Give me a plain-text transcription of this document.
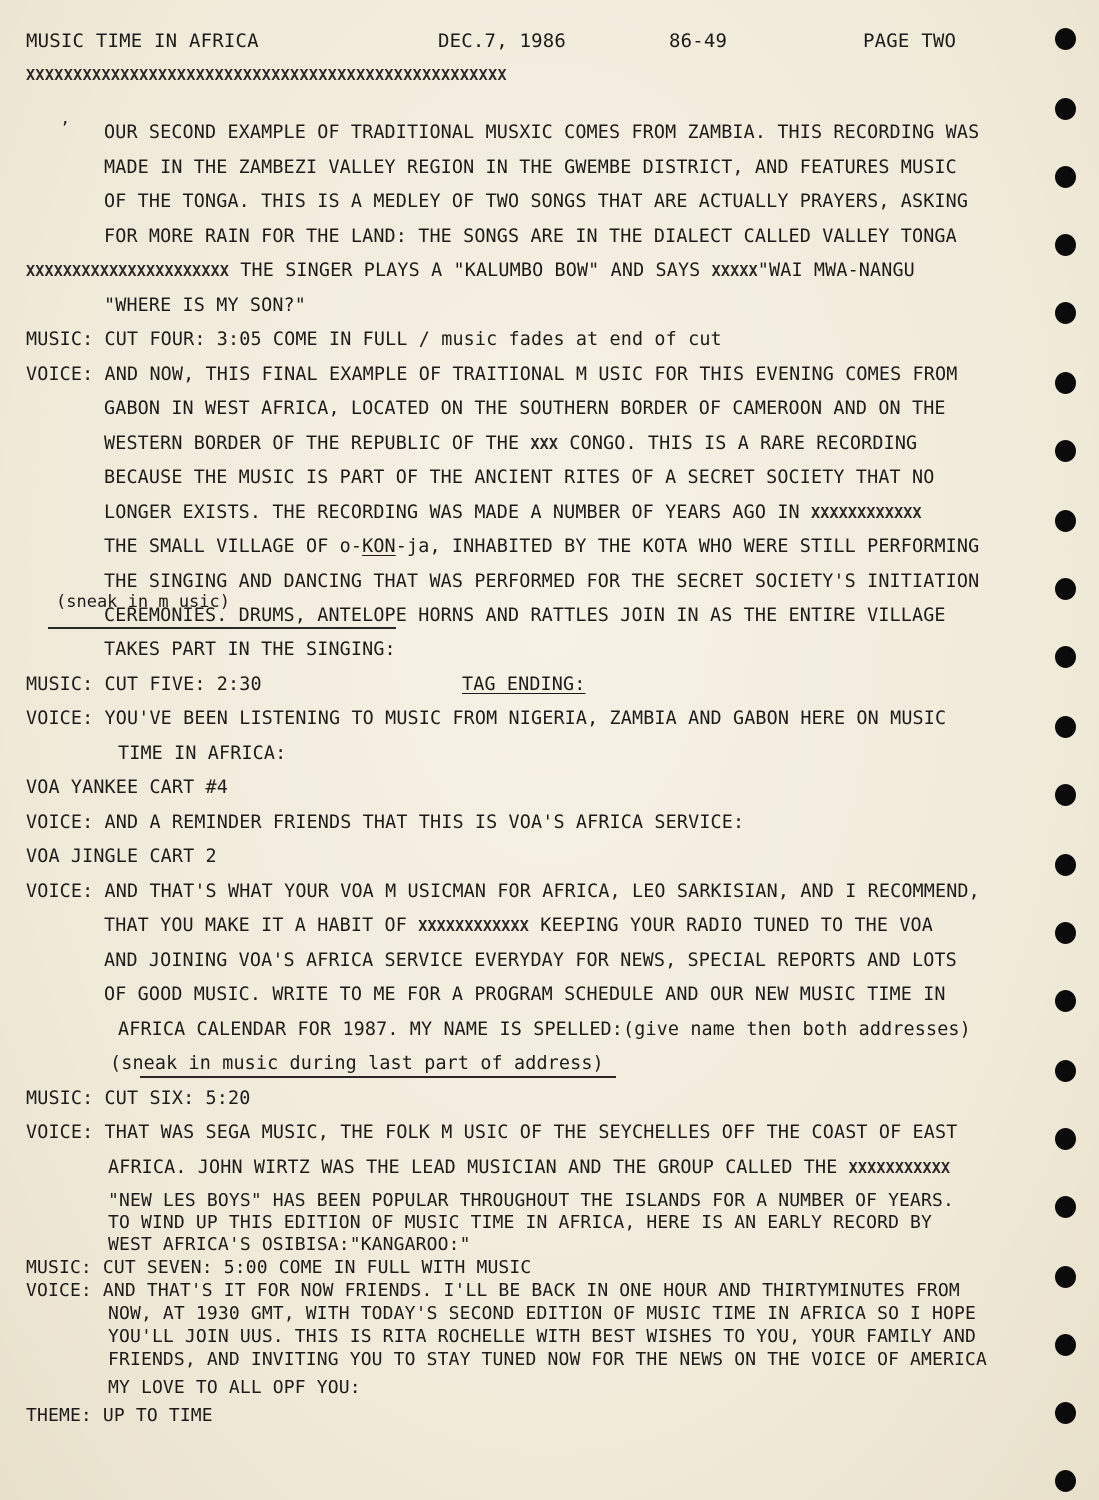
MUSIC TIME IN AFRICA	DEC.7, 1986	86-49	PAGE TWO
XXXXXXXXXXXXXXXXXXXXXXXXXXXXXXXXXXXXXXXXXXXXXXXXXXX
’ OUR SECOND EXAMPLE OF TRADITIONAL MUSXIC COMES FROM ZAMBIA. THIS RECORDING WAS
MADE IN THE ZAMBEZI VALLEY REGION IN THE GWEMBE DISTRICT, AND FEATURES MUSIC
OF THE TONGA. THIS IS A MEDLEY OF TWO SONGS THAT ARE ACTUALLY PRAYERS, ASKING
FOR MORE RAIN FOR THE LAND: THE SONGS ARE IN THE DIALECT CALLED VALLEY TONGA
XXXXXXXXXXXXXXXXXXXXXX THE SINGER PLAYS A "KALUMBO BOW" AND SAYS XXXXX"WAI MWA-NANGU
"WHERE IS MY SON?"
MUSIC: CUT FOUR: 3:05 COME IN FULL / music fades at end of cut
VOICE: AND NOW, THIS FINAL EXAMPLE OF TRAITIONAL M USIC FOR THIS EVENING COMES FROM
GABON IN WEST AFRICA, LOCATED ON THE SOUTHERN BORDER OF CAMEROON AND ON THE
WESTERN BORDER OF THE REPUBLIC OF THE XXX CONGO. THIS IS A RARE RECORDING
BECAUSE THE MUSIC IS PART OF THE ANCIENT RITES OF A SECRET SOCIETY THAT NO
LONGER EXISTS. THE RECORDING WAS MADE A NUMBER OF YEARS AGO IN XXXXXXXXXXXX
THE SMALL VILLAGE OF o-KON-ja, INHABITED BY THE KOTA WHO WERE STILL PERFORMING
THE SINGING AND DANCING THAT WAS PERFORMED FOR THE SECRET SOCIETY'S INITIATION
(sneak in m usic)
CEREMONIES. DRUMS, ANTELOPE HORNS AND RATTLES JOIN IN AS THE ENTIRE VILLAGE
TAKES PART IN THE SINGING:
MUSIC: CUT FIVE: 2:30	TAG ENDING:
VOICE: YOU'VE BEEN LISTENING TO MUSIC FROM NIGERIA, ZAMBIA AND GABON HERE ON MUSIC
TIME IN AFRICA:
VOA YANKEE CART #4
VOICE: AND A REMINDER FRIENDS THAT THIS IS VOA'S AFRICA SERVICE:
VOA JINGLE CART 2
VOICE: AND THAT'S WHAT YOUR VOA M USICMAN FOR AFRICA, LEO SARKISIAN, AND I RECOMMEND,
THAT YOU MAKE IT A HABIT OF XXXXXXXXXXXX KEEPING YOUR RADIO TUNED TO THE VOA
AND JOINING VOA'S AFRICA SERVICE EVERYDAY FOR NEWS, SPECIAL REPORTS AND LOTS
OF GOOD MUSIC. WRITE TO ME FOR A PROGRAM SCHEDULE AND OUR NEW MUSIC TIME IN
AFRICA CALENDAR FOR 1987. MY NAME IS SPELLED:(give name then both addresses)
(sneak in music during last part of address)
MUSIC: CUT SIX: 5:20
VOICE: THAT WAS SEGA MUSIC, THE FOLK M USIC OF THE SEYCHELLES OFF THE COAST OF EAST
AFRICA. JOHN WIRTZ WAS THE LEAD MUSICIAN AND THE GROUP CALLED THE XXXXXXXXXXX
"NEW LES BOYS" HAS BEEN POPULAR THROUGHOUT THE ISLANDS FOR A NUMBER OF YEARS.
TO WIND UP THIS EDITION OF MUSIC TIME IN AFRICA, HERE IS AN EARLY RECORD BY
WEST AFRICA'S OSIBISA:"KANGAROO:"
MUSIC: CUT SEVEN: 5:00 COME IN FULL WITH MUSIC
VOICE: AND THAT'S IT FOR NOW FRIENDS. I'LL BE BACK IN ONE HOUR AND THIRTYMINUTES FROM
NOW, AT 1930 GMT, WITH TODAY'S SECOND EDITION OF MUSIC TIME IN AFRICA SO I HOPE
YOU'LL JOIN UUS. THIS IS RITA ROCHELLE WITH BEST WISHES TO YOU, YOUR FAMILY AND
FRIENDS, AND INVITING YOU TO STAY TUNED NOW FOR THE NEWS ON THE VOICE OF AMERICA
MY LOVE TO ALL OPF YOU:
THEME: UP TO TIME
